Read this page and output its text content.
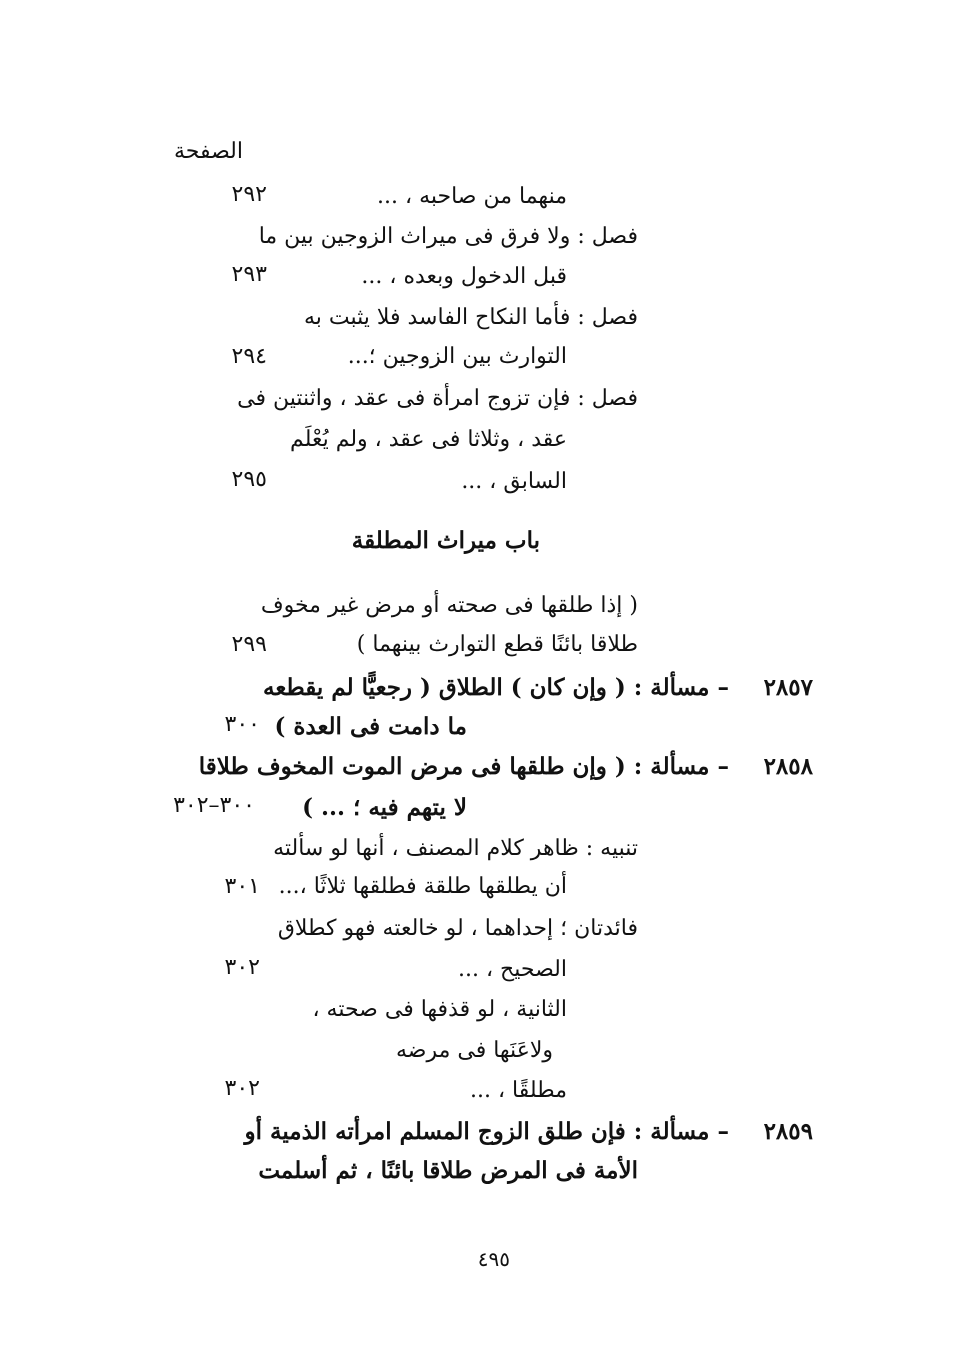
الصفحة
منهما من صاحبه ، ...
٢٩٢
فصل : ولا فرق فى ميراث الزوجين بين ما
قبل الدخول وبعده ، ...
٢٩٣
فصل : فأما النكاح الفاسد فلا يثبت به
التوارث بين الزوجين ؛...
٢٩٤
فصل : فإن تزوج امرأة فى عقد ، واثنتين فى
عقد ، وثلاثا فى عقد ، ولم يُعْلَم
السابق ، ...
٢٩٥
باب ميراث المطلقة
( إذا طلقها فى صحته أو مرض غير مخوف
طلاقا بائنًا قطع التوارث بينهما )
٢٩٩
٢٨٥٧
– مسألة : ( وإن كان ) الطلاق ( رجعيًّا لم يقطعه
ما دامت فى العدة )
٣٠٠
٢٨٥٨
– مسألة : ( وإن طلقها فى مرض الموت المخوف طلاقا
لا يتهم فيه ؛ ... )
٣٠٠–٣٠٢
تنبيه : ظاهر كلام المصنف ، أنها لو سألته
أن يطلقها طلقة فطلقها ثلاثًا ،...
٣٠١
فائدتان ؛ إحداهما ، لو خالعته فهو كطلاق
الصحيح ، ...
٣٠٢
الثانية ، لو قذفها فى صحته ،
ولاعَنَها فى مرضه
مطلقًا ، ...
٣٠٢
٢٨٥٩
– مسألة : فإن طلق الزوج المسلم امرأته الذمية أو
الأمة فى المرض طلاقا بائنًا ، ثم أسلمت
٤٩٥
